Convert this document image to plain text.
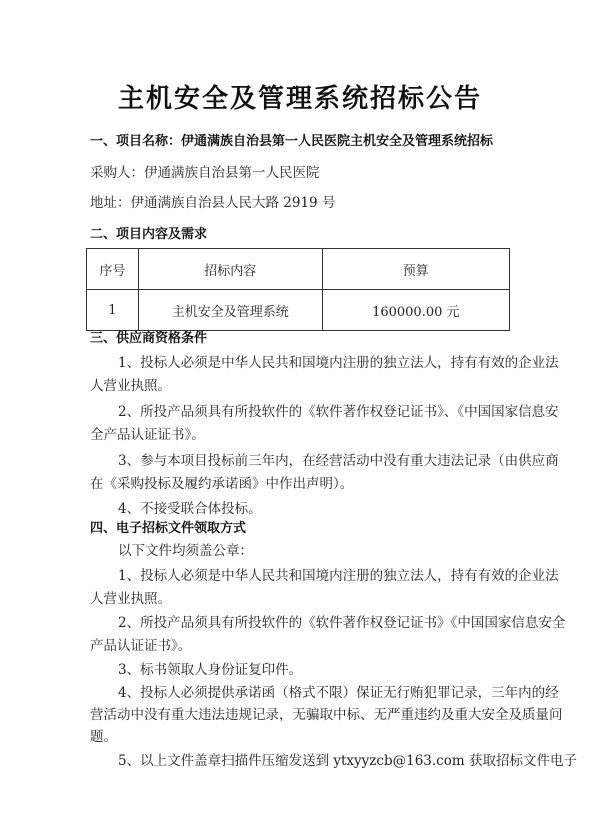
主机安全及管理系统招标公告
一、项目名称：伊通满族自治县第一人民医院主机安全及管理系统招标
采购人：伊通满族自治县第一人民医院
地址：伊通满族自治县人民大路 2919 号
二、项目内容及需求
序号	招标内容	预算
1	主机安全及管理系统	160000.00 元
三、供应商资格条件
1、投标人必须是中华人民共和国境内注册的独立法人，持有有效的企业法
人营业执照。
2、所投产品须具有所投软件的《软件著作权登记证书》、《中国国家信息安
全产品认证证书》。
3、参与本项目投标前三年内，在经营活动中没有重大违法记录（由供应商
在《采购投标及履约承诺函》中作出声明）。
4、不接受联合体投标。
四、电子招标文件领取方式
以下文件均须盖公章：
1、投标人必须是中华人民共和国境内注册的独立法人，持有有效的企业法
人营业执照。
2、所投产品须具有所投软件的《软件著作权登记证书》《中国国家信息安全
产品认证证书》。
3、标书领取人身份证复印件。
4、投标人必须提供承诺函（格式不限）保证无行贿犯罪记录，三年内的经
营活动中没有重大违法违规记录，无骗取中标、无严重违约及重大安全及质量问
题。
5、以上文件盖章扫描件压缩发送到 ytxyyzcb@163.com 获取招标文件电子
